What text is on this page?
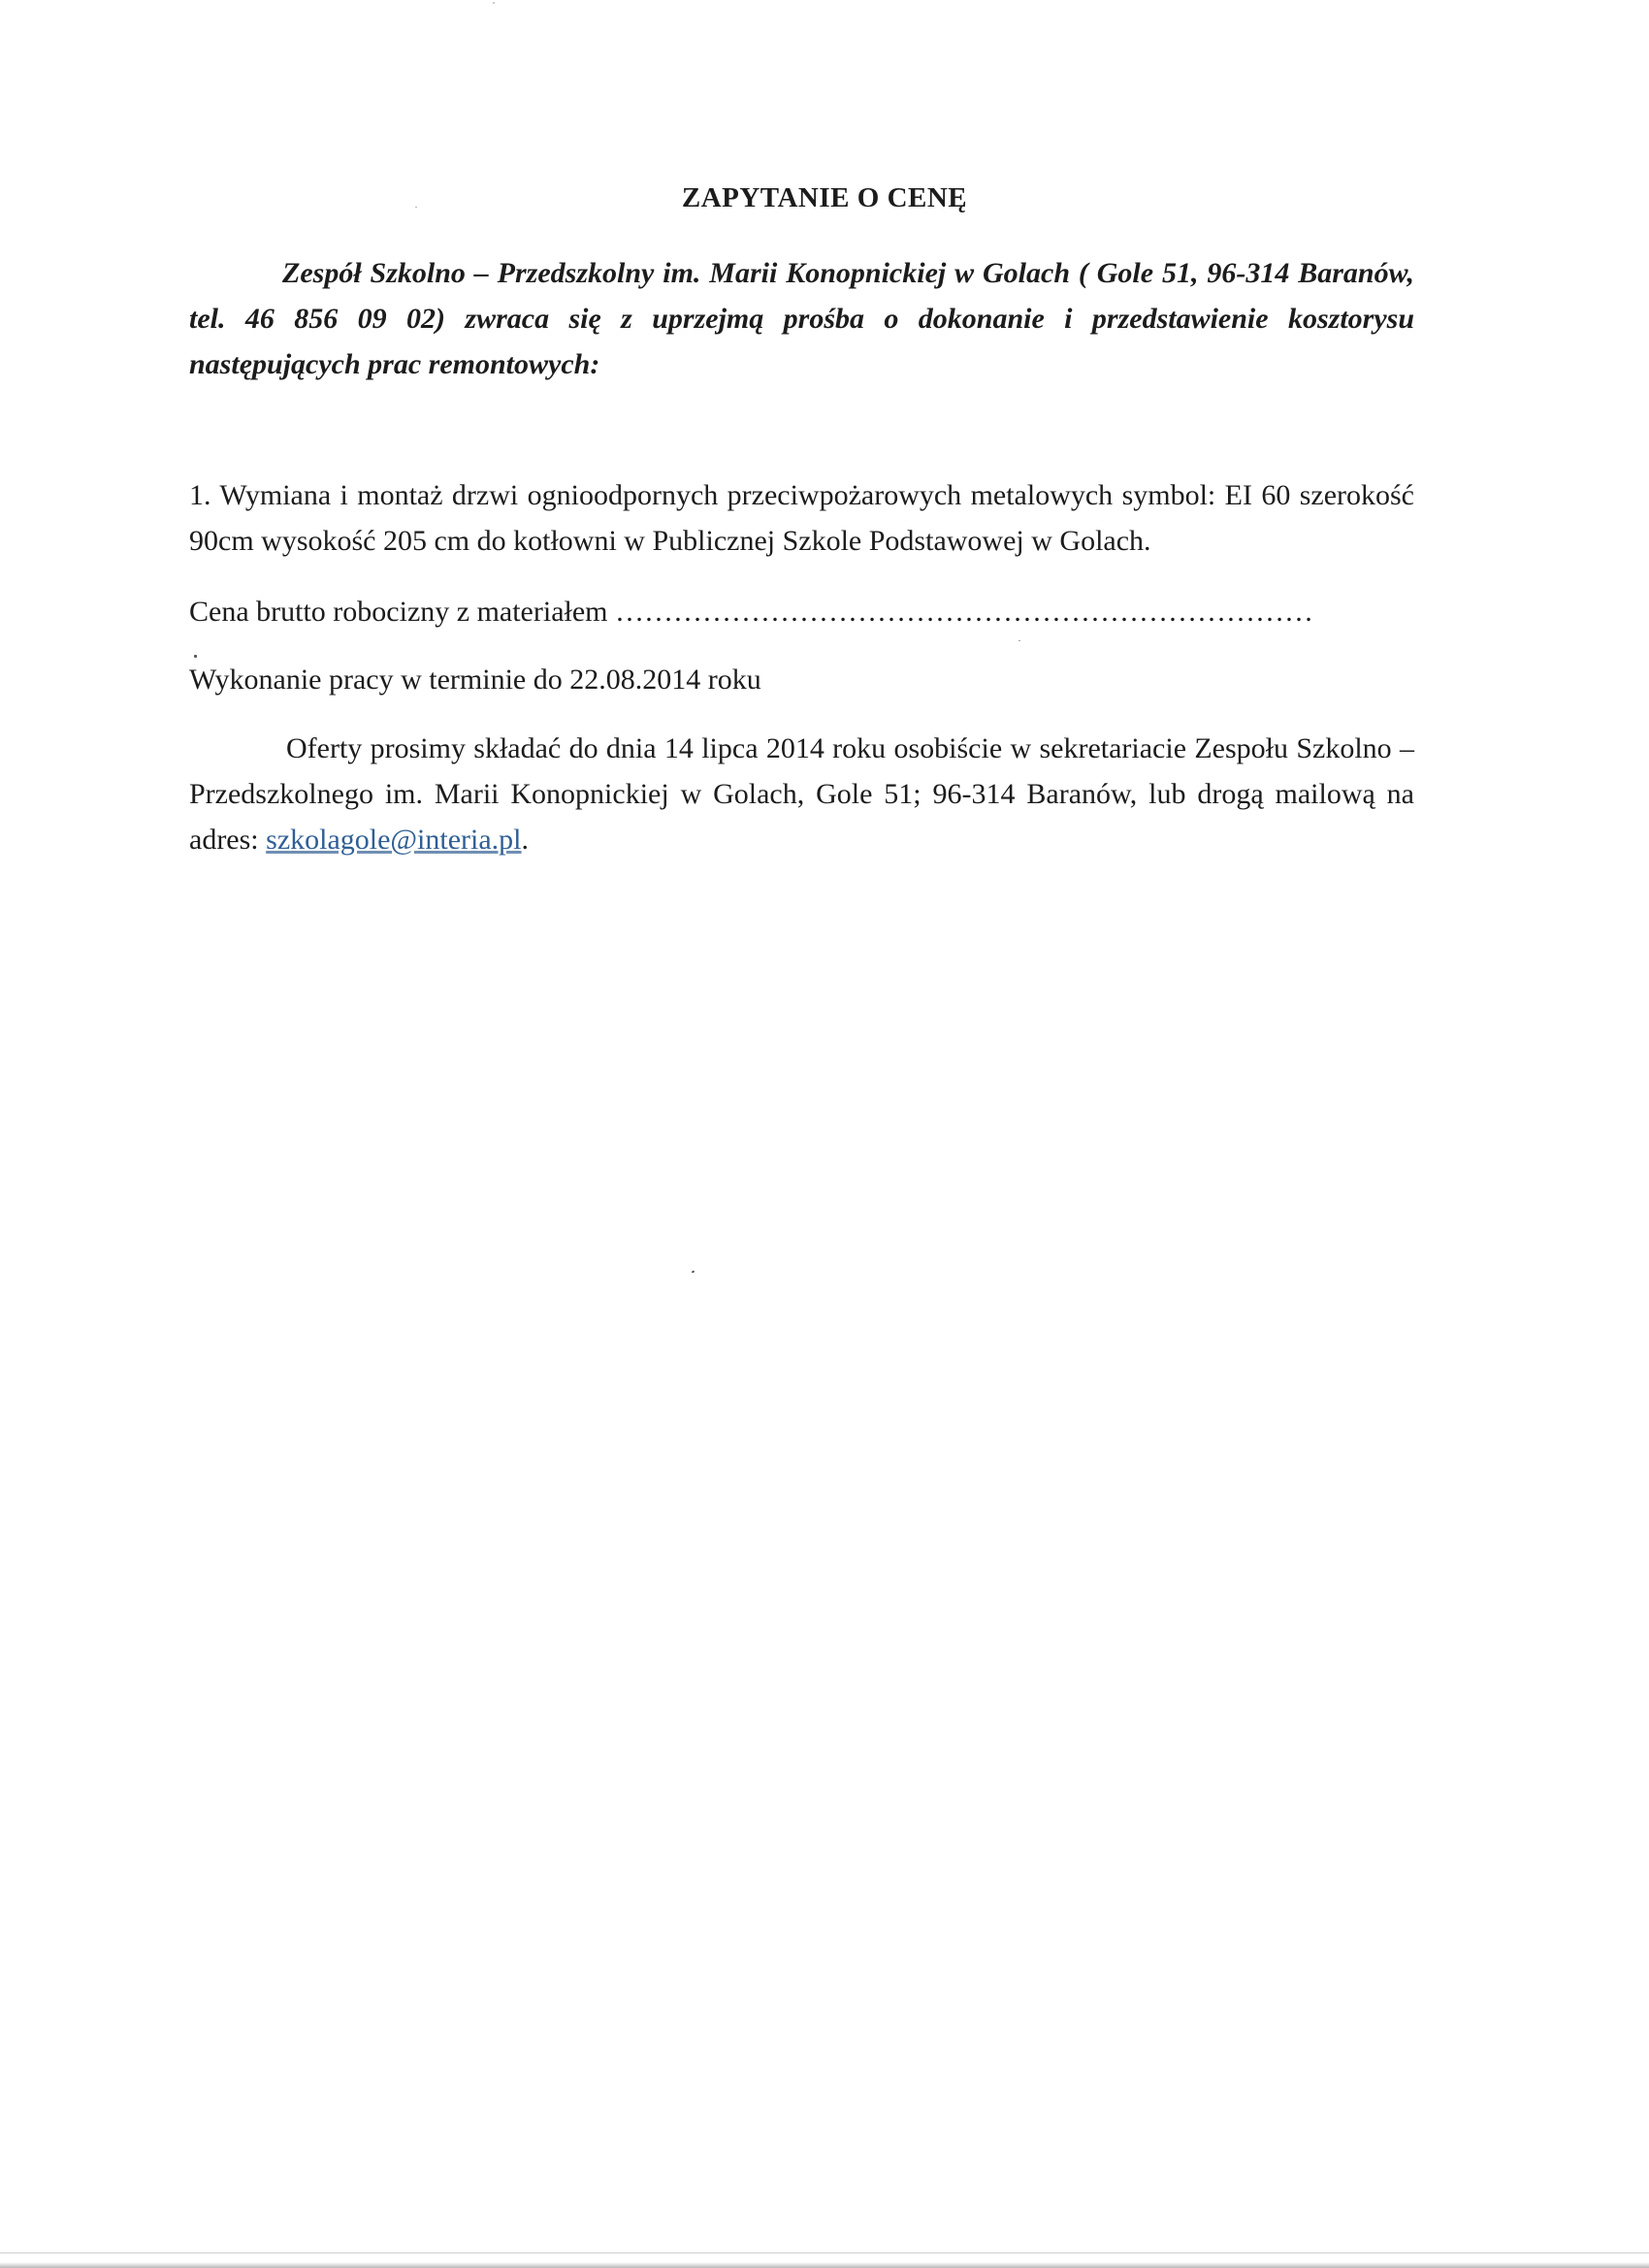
ZAPYTANIE O CENĘ
Zespół Szkolno – Przedszkolny im. Marii Konopnickiej w Golach ( Gole 51, 96-314 Baranów, tel. 46 856 09 02) zwraca się z uprzejmą prośba o dokonanie i przedstawienie kosztorysu następujących prac remontowych:
1. Wymiana i montaż drzwi ognioodpornych przeciwpożarowych metalowych symbol: EI 60 szerokość 90cm wysokość 205 cm do kotłowni w Publicznej Szkole Podstawowej w Golach.
Cena brutto robocizny z materiałem ………………………………………………………………
Wykonanie pracy w terminie do 22.08.2014 roku
Oferty prosimy składać do dnia 14 lipca 2014 roku osobiście w sekretariacie Zespołu Szkolno – Przedszkolnego im. Marii Konopnickiej w Golach, Gole 51; 96-314 Baranów, lub drogą mailową na adres: szkolagole@interia.pl.
